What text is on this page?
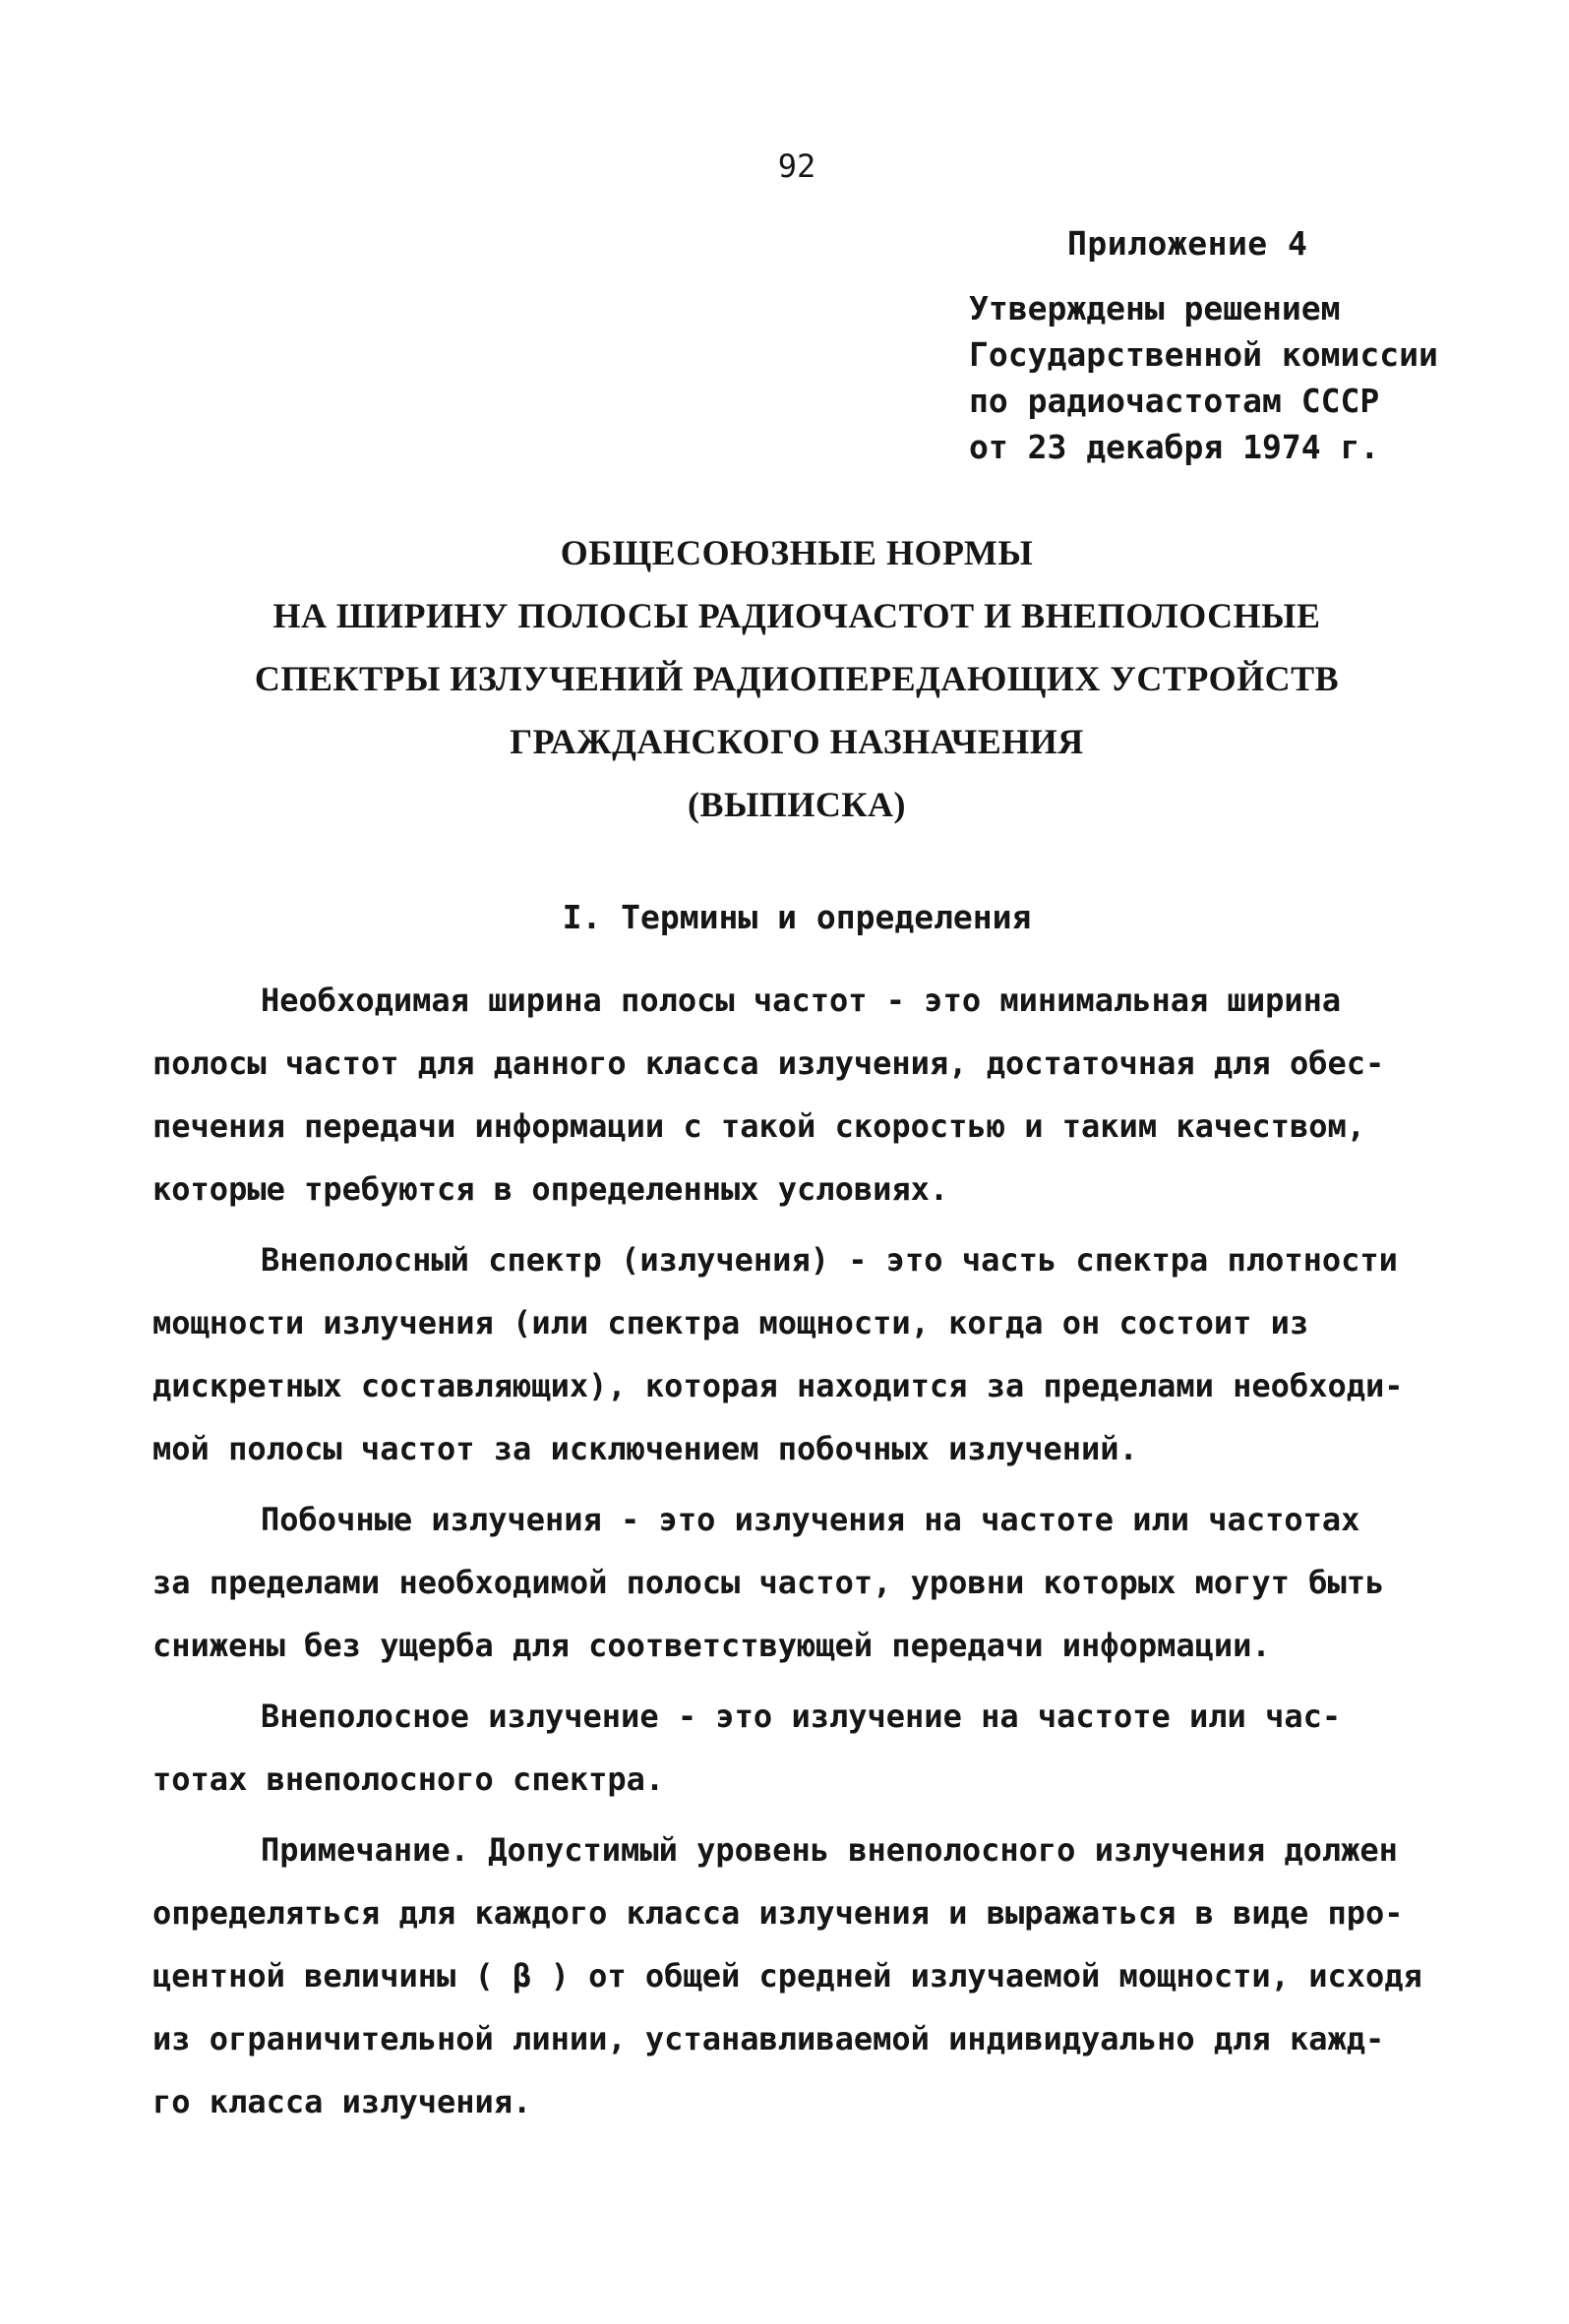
92
Приложение 4
Утверждены решением
Государственной комиссии
по радиочастотам СССР
от 23 декабря 1974 г.
ОБЩЕСОЮЗНЫЕ НОРМЫ
НА ШИРИНУ ПОЛОСЫ РАДИОЧАСТОТ И ВНЕПОЛОСНЫЕ
СПЕКТРЫ ИЗЛУЧЕНИЙ РАДИОПЕРЕДАЮЩИХ УСТРОЙСТВ
ГРАЖДАНСКОГО НАЗНАЧЕНИЯ
(ВЫПИСКА)
I. Термины и определения
Необходимая ширина полосы частот - это минимальная ширина
полосы частот для данного класса излучения, достаточная для обес-
печения передачи информации с такой скоростью и таким качеством,
которые требуются в определенных условиях.
Внеполосный спектр (излучения) - это часть спектра плотности
мощности излучения (или спектра мощности, когда он состоит из
дискретных составляющих), которая находится за пределами необходи-
мой полосы частот за исключением побочных излучений.
Побочные излучения - это излучения на частоте или частотах
за пределами необходимой полосы частот, уровни которых могут быть
снижены без ущерба для соответствующей передачи информации.
Внеполосное излучение - это излучение на частоте или час-
тотах внеполосного спектра.
Примечание. Допустимый уровень внеполосного излучения должен
определяться для каждого класса излучения и выражаться в виде про-
центной величины ( β ) от общей средней излучаемой мощности, исходя
из ограничительной линии, устанавливаемой индивидуально для кажд-
го класса излучения.
